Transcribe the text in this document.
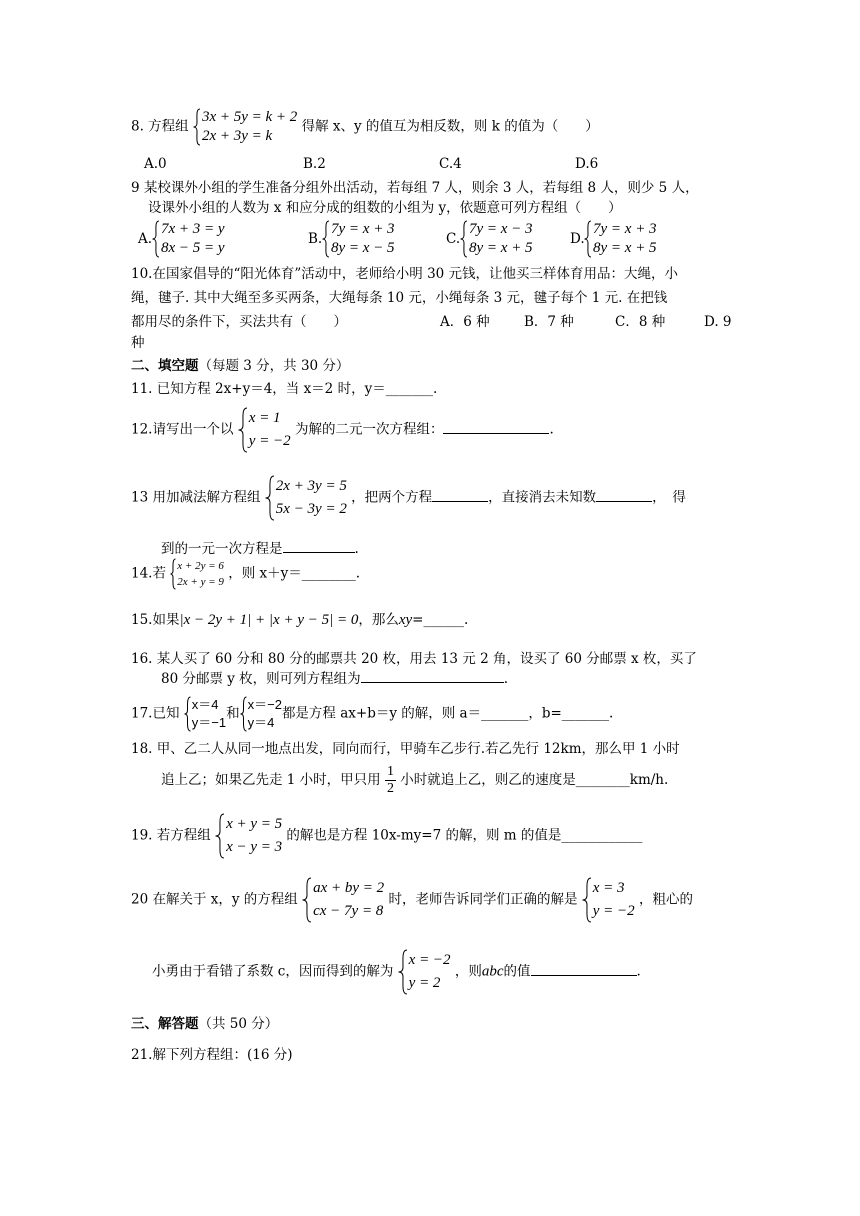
8. 方程组
3x + 5y = k + 2
2x + 3y = k
得解 x、y 的值互为相反数，则 k 的值为（　　）
A.0	B.2	C.4	D.6
9 某校课外小组的学生准备分组外出活动，若每组 7 人，则余 3 人，若每组 8 人，则少 5 人，
设课外小组的人数为 x 和应分成的组数的小组为 y，依题意可列方程组（　　）
A.
7x + 3 = y
8x − 5 = y
B.
7y = x + 3
8y = x − 5
C.
7y = x − 3
8y = x + 5
D.
7y = x + 3
8y = x + 5
10.在国家倡导的“阳光体育”活动中，老师给小明 30 元钱，让他买三样体育用品：大绳，小
绳，毽子. 其中大绳至多买两条，大绳每条 10 元，小绳每条 3 元，毽子每个 1 元. 在把钱
都用尽的条件下，买法共有（　　）	A．6 种	B．7 种	C．8 种	D. 9
种
二、填空题（每题 3 分，共 30 分）
11. 已知方程 2x+y＝4，当 x＝2 时，y＝_______.
12.请写出一个以
x = 1
y = −2
为解的二元一次方程组：	.
13 用加减法解方程组
2x + 3y = 5
5x − 3y = 2
，把两个方程	，直接消去未知数	，　得
到的一元一次方程是	.
14.若 x + 2y = 6
2x + y = 9
，则 x＋y＝________.
15.如果|x − 2y + 1| + |x + y − 5| = 0，那么xy=______.
16. 某人买了 60 分和 80 分的邮票共 20 枚，用去 13 元 2 角，设买了 60 分邮票 x 枚，买了
80 分邮票 y 枚，则可列方程组为	.
17.已知
x＝4
y＝−1
和
x＝−2
y＝4
都是方程 ax+b＝y 的解，则 a＝_______，b=_______.
18. 甲、乙二人从同一地点出发，同向而行，甲骑车乙步行.若乙先行 12km，那么甲 1 小时
追上乙；如果乙先走 1 小时，甲只用 $\frac{1}{2}$ 小时就追上乙，则乙的速度是________km/h.
19. 若方程组
x + y = 5
x − y = 3
的解也是方程 10x-my=7 的解，则 m 的值是____________
20 在解关于 x，y 的方程组
ax + by = 2
cx − 7y = 8
时，老师告诉同学们正确的解是
x = 3
y = −2
，粗心的
小勇由于看错了系数 c，因而得到的解为
x = −2
y = 2
，则abc的值	.
三、解答题（共 50 分）
21.解下列方程组：(16 分)
